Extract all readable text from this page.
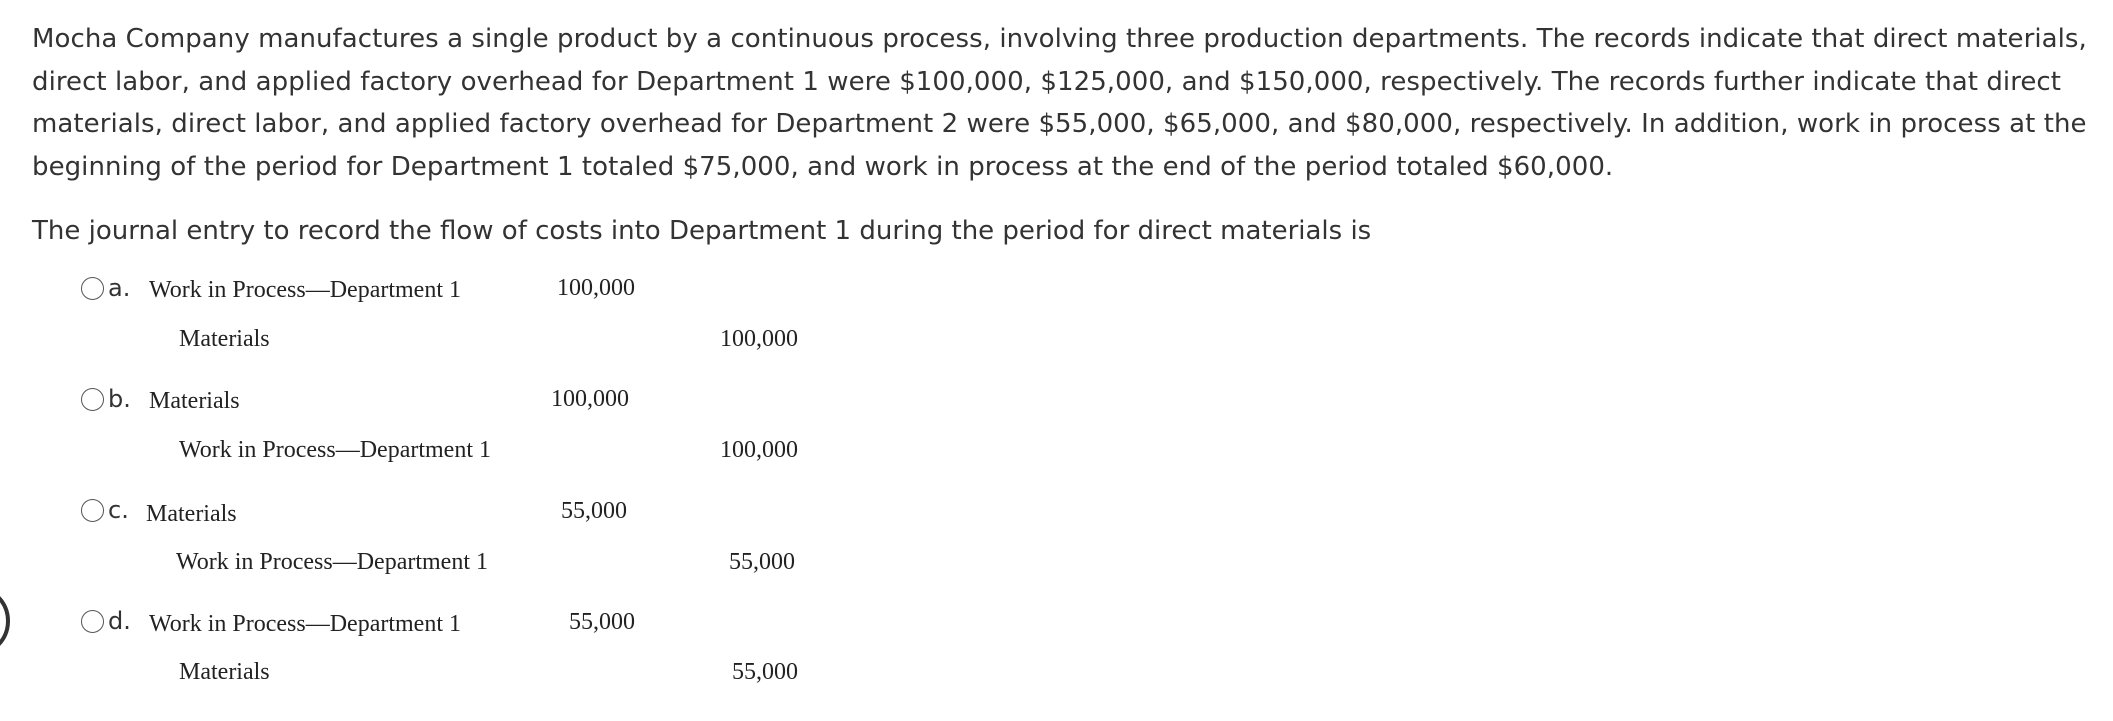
Mocha Company manufactures a single product by a continuous process, involving three production departments. The records indicate that direct materials, direct labor, and applied factory overhead for Department 1 were $100,000, $125,000, and $150,000, respectively. The records further indicate that direct materials, direct labor, and applied factory overhead for Department 2 were $55,000, $65,000, and $80,000, respectively. In addition, work in process at the beginning of the period for Department 1 totaled $75,000, and work in process at the end of the period totaled $60,000.

The journal entry to record the flow of costs into Department 1 during the period for direct materials is

a. Work in Process—Department 1	100,000
Materials	100,000
b. Materials	100,000
Work in Process—Department 1	100,000
c. Materials	55,000
Work in Process—Department 1	55,000
d. Work in Process—Department 1	55,000
Materials	55,000
